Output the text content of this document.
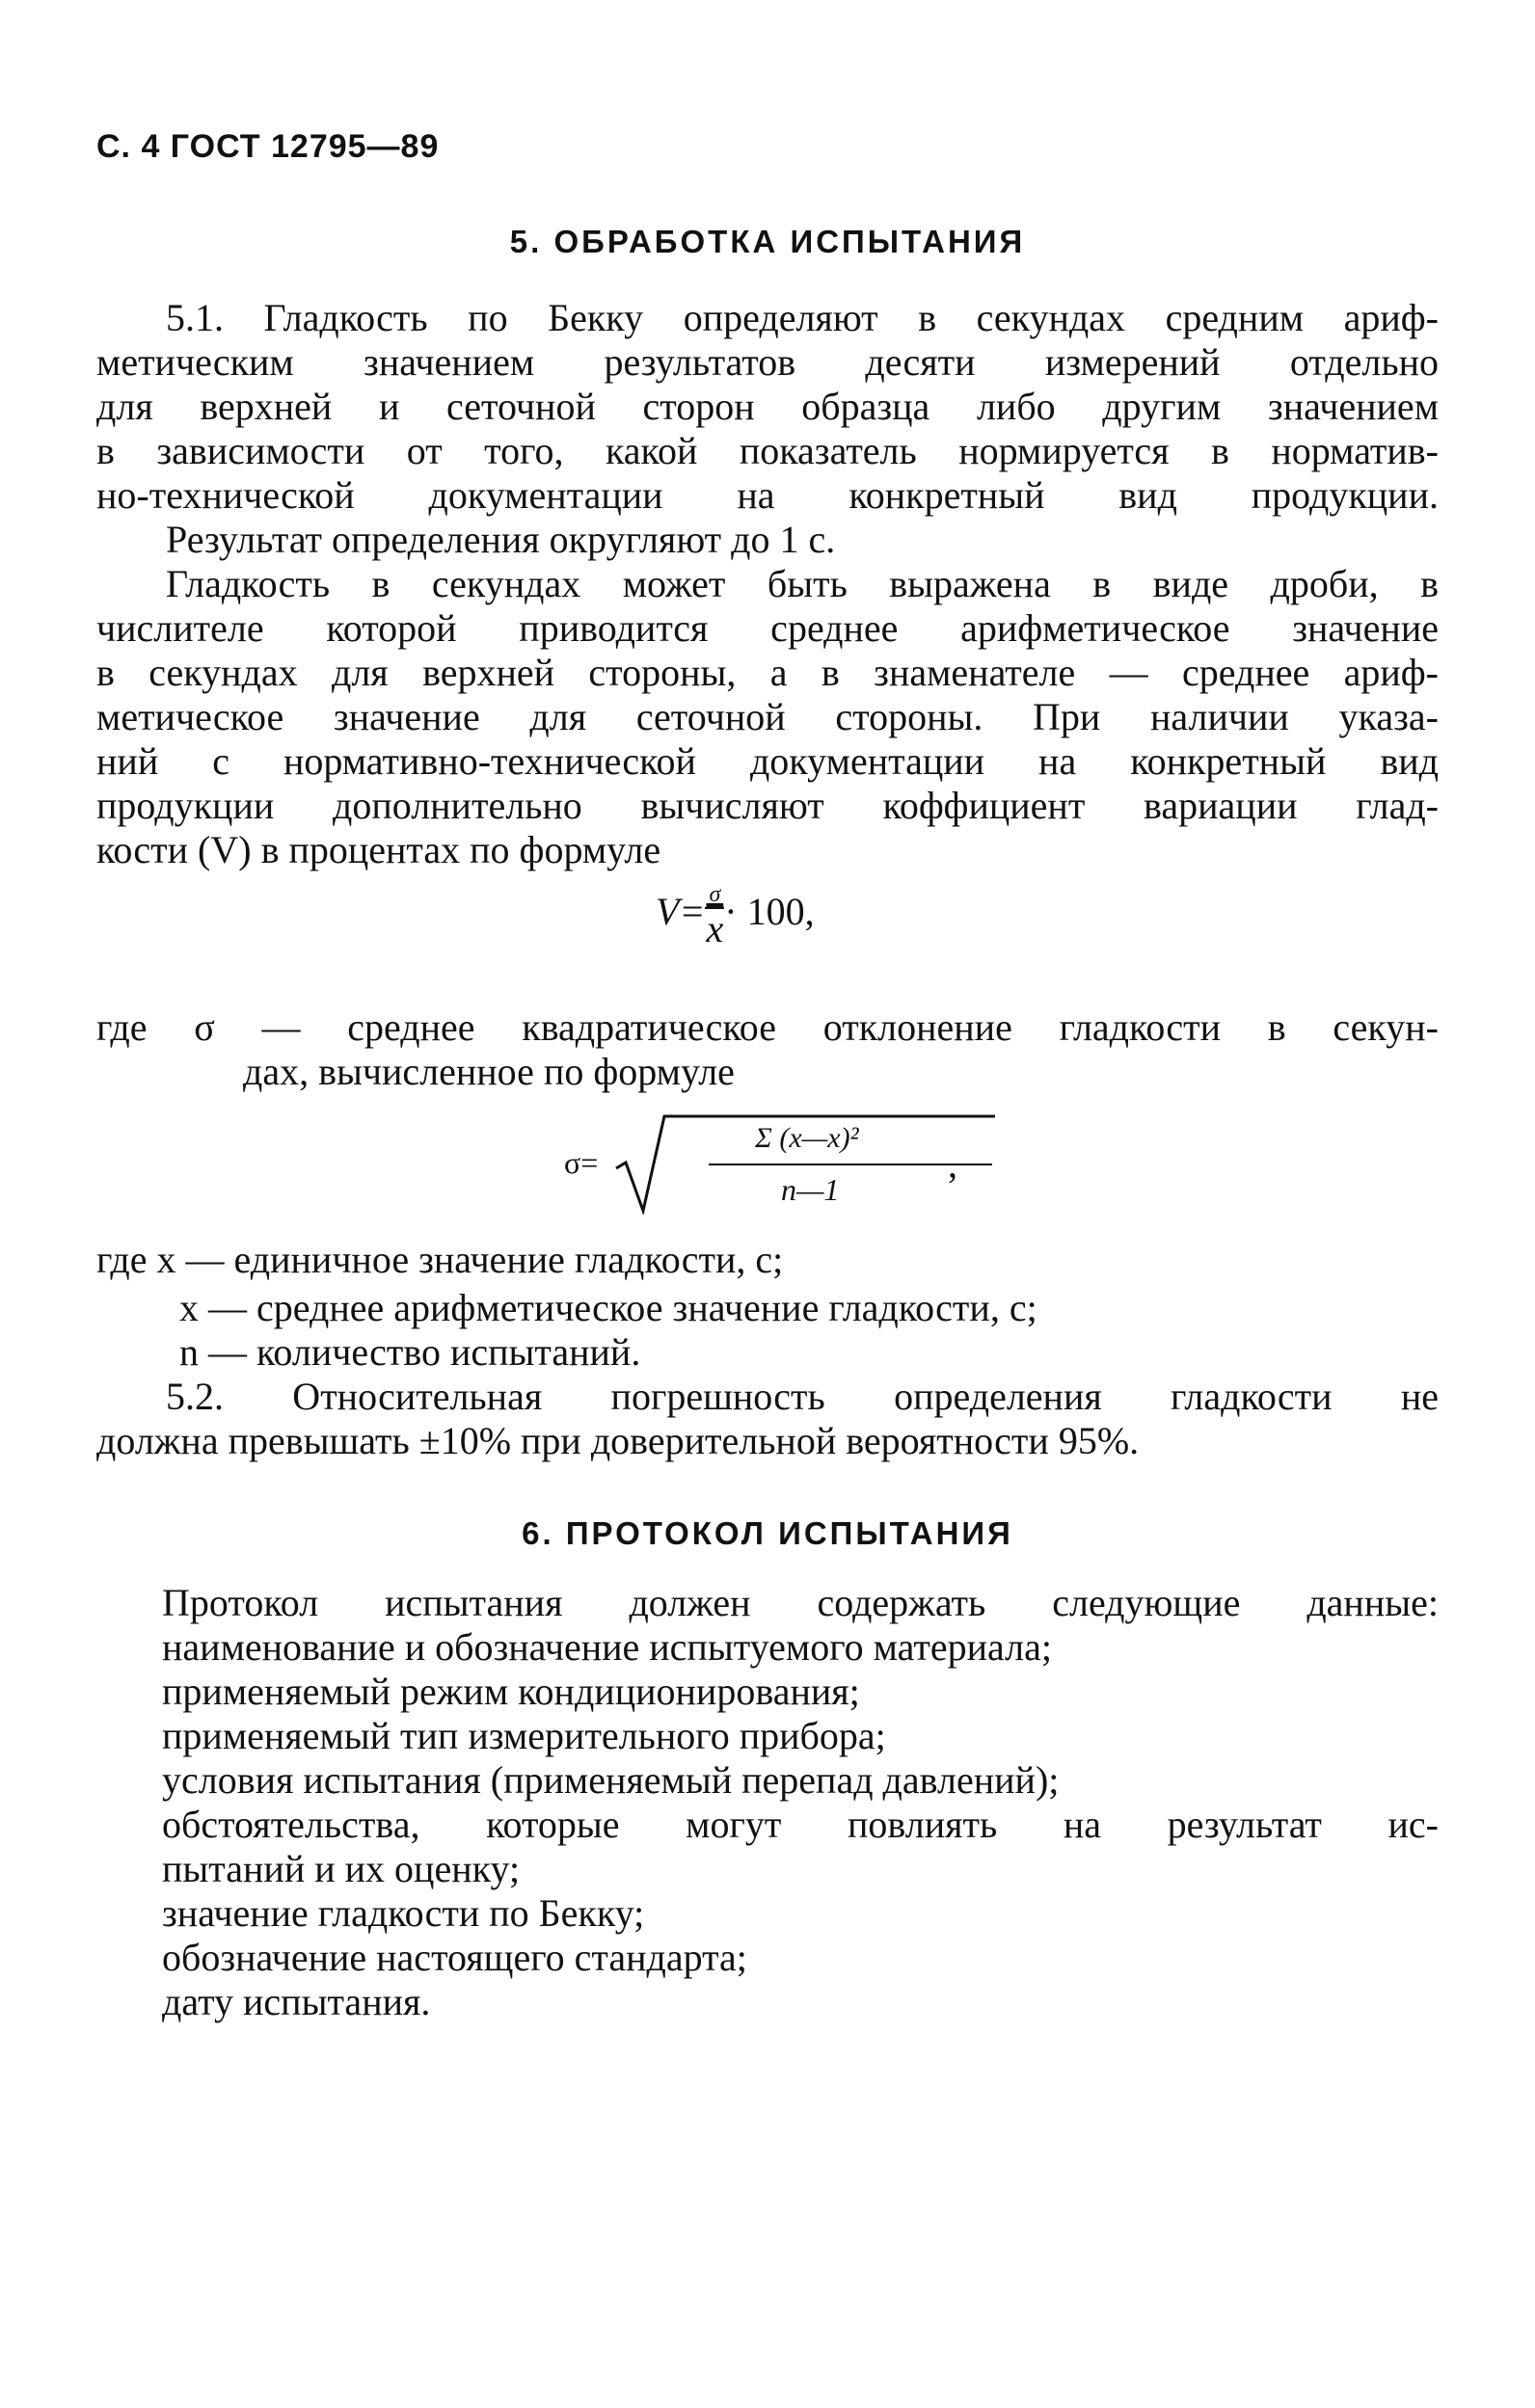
С. 4 ГОСТ 12795—89
5. ОБРАБОТКА ИСПЫТАНИЯ
5.1. Гладкость по Бекку определяют в секундах средним ариф-
метическим значением результатов десяти измерений отдельно
для верхней и сеточной сторон образца либо другим значением
в зависимости от того, какой показатель нормируется в норматив-
но-технической документации на конкретный вид продукции.
Результат определения округляют до 1 с.
Гладкость в секундах может быть выражена в виде дроби, в
числителе которой приводится среднее арифметическое значение
в секундах для верхней стороны, а в знаменателе — среднее ариф-
метическое значение для сеточной стороны. При наличии указа-
ний с нормативно-технической документации на конкретный вид
продукции дополнительно вычисляют коффициент вариации глад-
кости (V) в процентах по формуле
$V= \frac{\sigma}{x} \cdot 100$,
где σ — среднее квадратическое отклонение гладкости в секун-
дах, вычисленное по формуле
σ=
Σ (x—x)²
n—1
,
где x — единичное значение гладкости, с;
x — среднее арифметическое значение гладкости, с;
n — количество испытаний.
5.2. Относительная погрешность определения гладкости не
должна превышать ±10% при доверительной вероятности 95%.
6. ПРОТОКОЛ ИСПЫТАНИЯ
Протокол испытания должен содержать следующие данные:
наименование и обозначение испытуемого материала;
применяемый режим кондиционирования;
применяемый тип измерительного прибора;
условия испытания (применяемый перепад давлений);
обстоятельства, которые могут повлиять на результат ис-
пытаний и их оценку;
значение гладкости по Бекку;
обозначение настоящего стандарта;
дату испытания.
